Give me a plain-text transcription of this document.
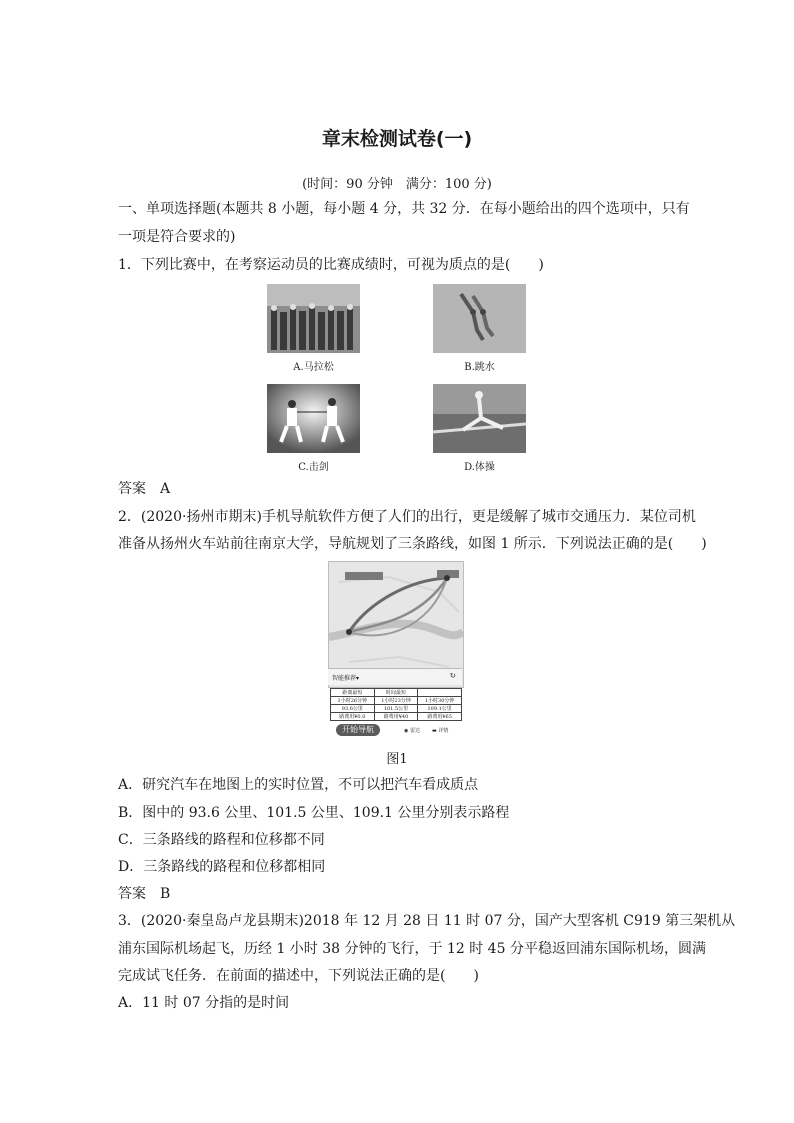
章末检测试卷(一)
(时间：90 分钟　满分：100 分)
一、单项选择题(本题共 8 小题，每小题 4 分，共 32 分．在每小题给出的四个选项中，只有
一项是符合要求的)
1．下列比赛中，在考察运动员的比赛成绩时，可视为质点的是(　　)
A.马拉松	B.跳水
C.击剑	D.体操
答案　A
2．(2020·扬州市期末)手机导航软件方便了人们的出行，更是缓解了城市交通压力．某位司机
准备从扬州火车站前往南京大学，导航规划了三条路线，如图 1 所示．下列说法正确的是(　　)
智能推荐▾	↻
距离最短	时间最短	
1小时26分钟	1小时23分钟	1小时30分钟
93.6公里	101.5公里	109.1公里
路费用¥0.0	路费用¥40	路费用¥65
开始导航	◉ 雷达 ▬ 详情
图1
A．研究汽车在地图上的实时位置，不可以把汽车看成质点
B．图中的 93.6 公里、101.5 公里、109.1 公里分别表示路程
C．三条路线的路程和位移都不同
D．三条路线的路程和位移都相同
答案　B
3．(2020·秦皇岛卢龙县期末)2018 年 12 月 28 日 11 时 07 分，国产大型客机 C919 第三架机从
浦东国际机场起飞，历经 1 小时 38 分钟的飞行，于 12 时 45 分平稳返回浦东国际机场，圆满
完成试飞任务．在前面的描述中，下列说法正确的是(　　)
A．11 时 07 分指的是时间
